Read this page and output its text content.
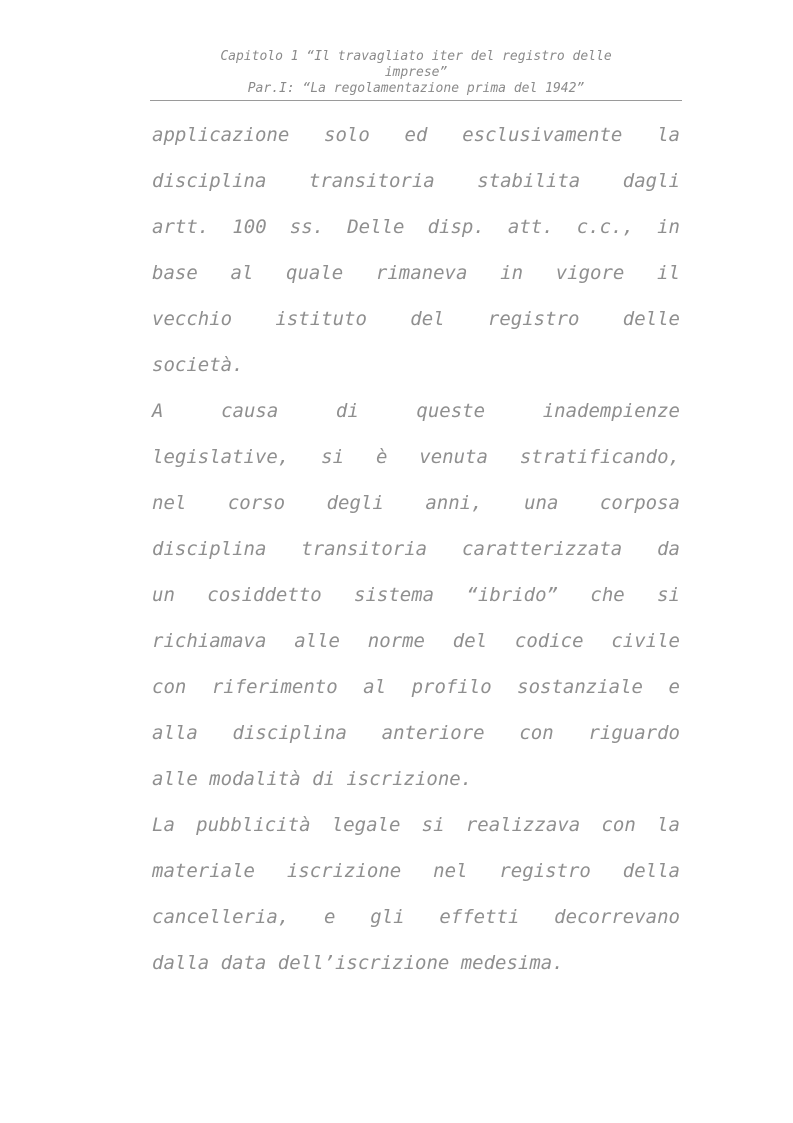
Capitolo 1 “Il travagliato iter del registro delle
imprese”
Par.I: “La regolamentazione prima del 1942”

applicazione solo ed esclusivamente la
disciplina transitoria stabilita dagli
artt. 100 ss. Delle disp. att. c.c., in
base al quale rimaneva in vigore il
vecchio istituto del registro delle
società.

A	causa	di	queste	inadempienze
legislative, si è venuta stratificando,
nel corso degli anni, una corposa
disciplina transitoria caratterizzata da
un cosiddetto sistema “ibrido” che si
richiamava alle norme del codice civile
con riferimento al profilo sostanziale e
alla disciplina anteriore con riguardo
alle modalità di iscrizione.

La pubblicità legale si realizzava con la
materiale iscrizione nel registro della
cancelleria, e gli effetti decorrevano
dalla data dell’iscrizione medesima.
